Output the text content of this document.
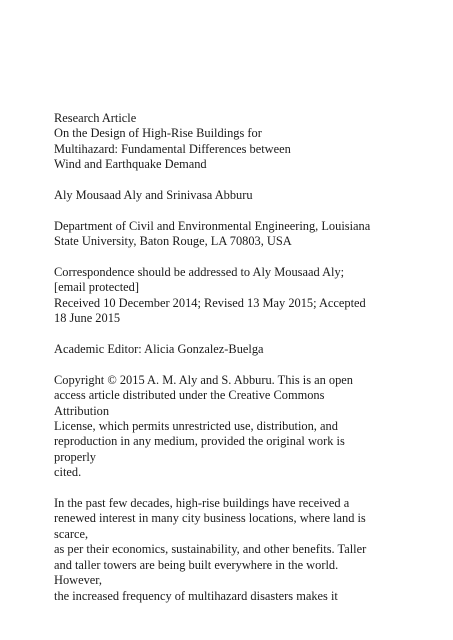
Research Article
On the Design of High-Rise Buildings for
Multihazard: Fundamental Differences between
Wind and Earthquake Demand
Aly Mousaad Aly and Srinivasa Abburu
Department of Civil and Environmental Engineering, Louisiana
State University, Baton Rouge, LA 70803, USA
Correspondence should be addressed to Aly Mousaad Aly;
[email protected]
Received 10 December 2014; Revised 13 May 2015; Accepted
18 June 2015
Academic Editor: Alicia Gonzalez-Buelga
Copyright © 2015 A. M. Aly and S. Abburu. This is an open
access article distributed under the Creative Commons
Attribution
License, which permits unrestricted use, distribution, and
reproduction in any medium, provided the original work is
properly
cited.
In the past few decades, high-rise buildings have received a
renewed interest in many city business locations, where land is
scarce,
as per their economics, sustainability, and other benefits. Taller
and taller towers are being built everywhere in the world.
However,
the increased frequency of multihazard disasters makes it
